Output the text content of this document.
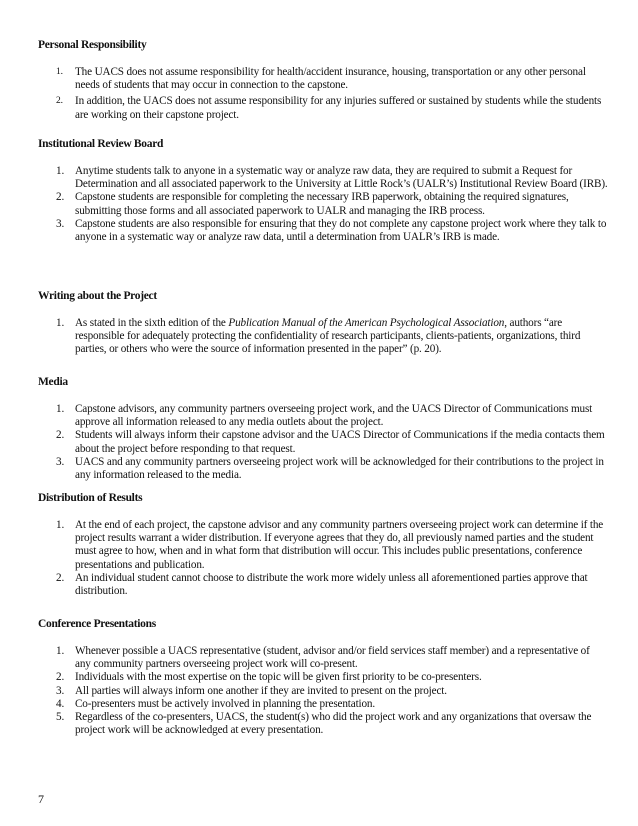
Personal Responsibility
1. The UACS does not assume responsibility for health/accident insurance, housing, transportation or any other personal needs of students that may occur in connection to the capstone.
2. In addition, the UACS does not assume responsibility for any injuries suffered or sustained by students while the students are working on their capstone project.
Institutional Review Board
1. Anytime students talk to anyone in a systematic way or analyze raw data, they are required to submit a Request for Determination and all associated paperwork to the University at Little Rock’s (UALR’s) Institutional Review Board (IRB).
2. Capstone students are responsible for completing the necessary IRB paperwork, obtaining the required signatures, submitting those forms and all associated paperwork to UALR and managing the IRB process.
3. Capstone students are also responsible for ensuring that they do not complete any capstone project work where they talk to anyone in a systematic way or analyze raw data, until a determination from UALR’s IRB is made.
Writing about the Project
1. As stated in the sixth edition of the Publication Manual of the American Psychological Association, authors “are responsible for adequately protecting the confidentiality of research participants, clients-patients, organizations, third parties, or others who were the source of information presented in the paper” (p. 20).
Media
1. Capstone advisors, any community partners overseeing project work, and the UACS Director of Communications must approve all information released to any media outlets about the project.
2. Students will always inform their capstone advisor and the UACS Director of Communications if the media contacts them about the project before responding to that request.
3. UACS and any community partners overseeing project work will be acknowledged for their contributions to the project in any information released to the media.
Distribution of Results
1. At the end of each project, the capstone advisor and any community partners overseeing project work can determine if the project results warrant a wider distribution. If everyone agrees that they do, all previously named parties and the student must agree to how, when and in what form that distribution will occur. This includes public presentations, conference presentations and publication.
2. An individual student cannot choose to distribute the work more widely unless all aforementioned parties approve that distribution.
Conference Presentations
1. Whenever possible a UACS representative (student, advisor and/or field services staff member) and a representative of any community partners overseeing project work will co-present.
2. Individuals with the most expertise on the topic will be given first priority to be co-presenters.
3. All parties will always inform one another if they are invited to present on the project.
4. Co-presenters must be actively involved in planning the presentation.
5. Regardless of the co-presenters, UACS, the student(s) who did the project work and any organizations that oversaw the project work will be acknowledged at every presentation.
7
